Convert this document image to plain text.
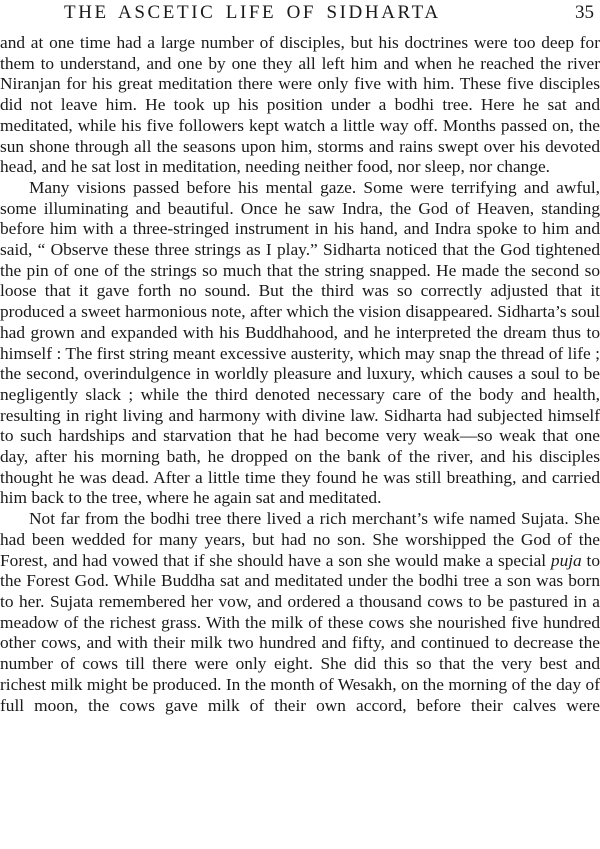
THE ASCETIC LIFE OF SIDHARTA	35

and at one time had a large number of disciples, but his doctrines were too deep for them to understand, and one by one they all left him and when he reached the river Niranjan for his great meditation there were only five with him. These five disciples did not leave him. He took up his position under a bodhi tree. Here he sat and meditated, while his five followers kept watch a little way off. Months passed on, the sun shone through all the seasons upon him, storms and rains swept over his devoted head, and he sat lost in meditation, needing neither food, nor sleep, nor change.

Many visions passed before his mental gaze. Some were terrifying and awful, some illuminating and beautiful. Once he saw Indra, the God of Heaven, standing before him with a three-stringed instrument in his hand, and Indra spoke to him and said, “ Observe these three strings as I play.” Sidharta noticed that the God tightened the pin of one of the strings so much that the string snapped. He made the second so loose that it gave forth no sound. But the third was so correctly adjusted that it produced a sweet harmonious note, after which the vision disappeared. Sidharta’s soul had grown and expanded with his Buddhahood, and he interpreted the dream thus to himself : The first string meant excessive austerity, which may snap the thread of life ; the second, overindulgence in worldly pleasure and luxury, which causes a soul to be negligently slack ; while the third denoted necessary care of the body and health, resulting in right living and harmony with divine law. Sidharta had subjected himself to such hardships and starvation that he had become very weak—so weak that one day, after his morning bath, he dropped on the bank of the river, and his disciples thought he was dead. After a little time they found he was still breathing, and carried him back to the tree, where he again sat and meditated.

Not far from the bodhi tree there lived a rich merchant’s wife named Sujata. She had been wedded for many years, but had no son. She worshipped the God of the Forest, and had vowed that if she should have a son she would make a special puja to the Forest God. While Buddha sat and meditated under the bodhi tree a son was born to her. Sujata remembered her vow, and ordered a thousand cows to be pastured in a meadow of the richest grass. With the milk of these cows she nourished five hundred other cows, and with their milk two hundred and fifty, and continued to decrease the number of cows till there were only eight. She did this so that the very best and richest milk might be produced. In the month of Wesakh, on the morning of the day of full moon, the cows gave milk of their own accord, before their calves were
